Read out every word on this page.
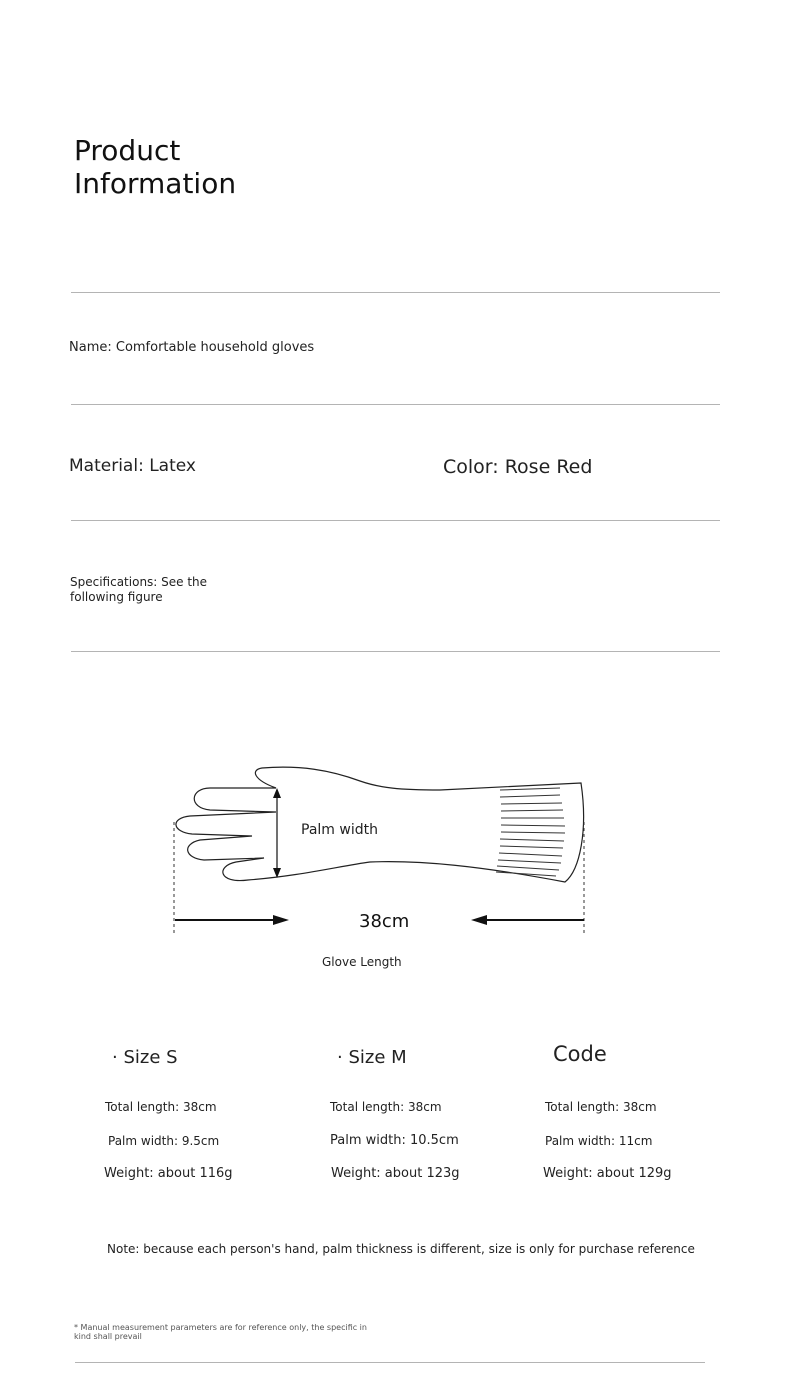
Product Information
Name: Comfortable household gloves
Material: Latex	Color: Rose Red
Specifications: See the following figure
Palm width
38cm
Glove Length
· Size S
Total length: 38cm
Palm width: 9.5cm
Weight: about 116g
· Size M
Total length: 38cm
Palm width: 10.5cm
Weight: about 123g
Code
Total length: 38cm
Palm width: 11cm
Weight: about 129g
Note: because each person's hand, palm thickness is different, size is only for purchase reference
* Manual measurement parameters are for reference only, the specific in kind shall prevail
